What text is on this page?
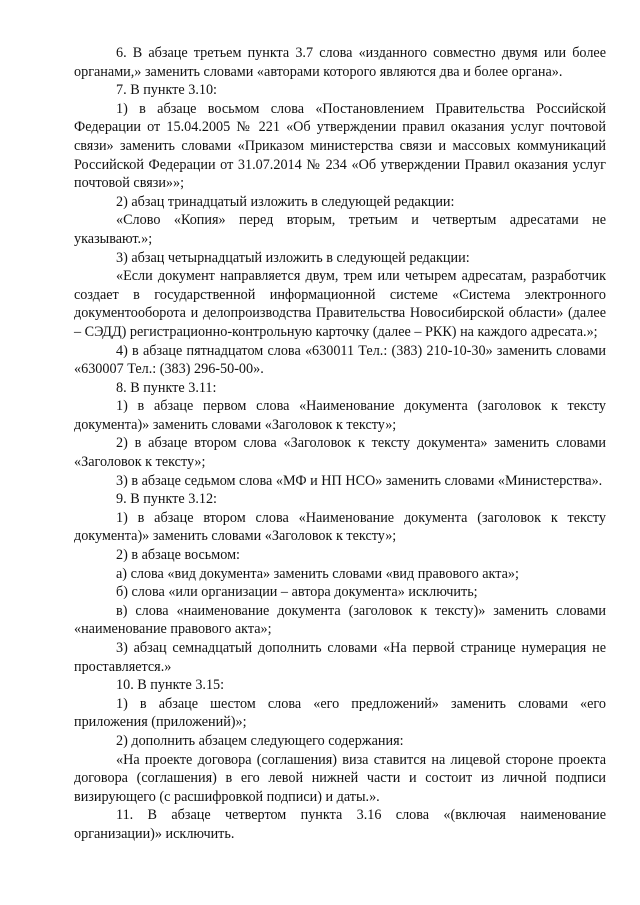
6. В абзаце третьем пункта 3.7 слова «изданного совместно двумя или более органами,» заменить словами «авторами которого являются два и более органа».

7. В пункте 3.10:

1) в абзаце восьмом слова «Постановлением Правительства Российской Федерации от 15.04.2005 № 221 «Об утверждении правил оказания услуг почтовой связи» заменить словами «Приказом министерства связи и массовых коммуникаций Российской Федерации от 31.07.2014 № 234 «Об утверждении Правил оказания услуг почтовой связи»»;

2) абзац тринадцатый изложить в следующей редакции:

«Слово «Копия» перед вторым, третьим и четвертым адресатами не указывают.»;

3) абзац четырнадцатый изложить в следующей редакции:

«Если документ направляется двум, трем или четырем адресатам, разработчик создает в государственной информационной системе «Система электронного документооборота и делопроизводства Правительства Новосибирской области» (далее – СЭДД) регистрационно-контрольную карточку (далее – РКК) на каждого адресата.»;

4) в абзаце пятнадцатом слова «630011 Тел.: (383) 210-10-30» заменить словами «630007 Тел.: (383) 296-50-00».

8. В пункте 3.11:

1) в абзаце первом слова «Наименование документа (заголовок к тексту документа)» заменить словами «Заголовок к тексту»;

2) в абзаце втором слова «Заголовок к тексту документа» заменить словами «Заголовок к тексту»;

3) в абзаце седьмом слова «МФ и НП НСО» заменить словами «Министерства».

9. В пункте 3.12:

1) в абзаце втором слова «Наименование документа (заголовок к тексту документа)» заменить словами «Заголовок к тексту»;

2) в абзаце восьмом:

а) слова «вид документа» заменить словами «вид правового акта»;

б) слова «или организации – автора документа» исключить;

в) слова «наименование документа (заголовок к тексту)» заменить словами «наименование правового акта»;

3) абзац семнадцатый дополнить словами «На первой странице нумерация не проставляется.»

10. В пункте 3.15:

1) в абзаце шестом слова «его предложений» заменить словами «его приложения (приложений)»;

2) дополнить абзацем следующего содержания:

«На проекте договора (соглашения) виза ставится на лицевой стороне проекта договора (соглашения) в его левой нижней части и состоит из личной подписи визирующего (с расшифровкой подписи) и даты.».

11. В абзаце четвертом пункта 3.16 слова «(включая наименование организации)» исключить.
